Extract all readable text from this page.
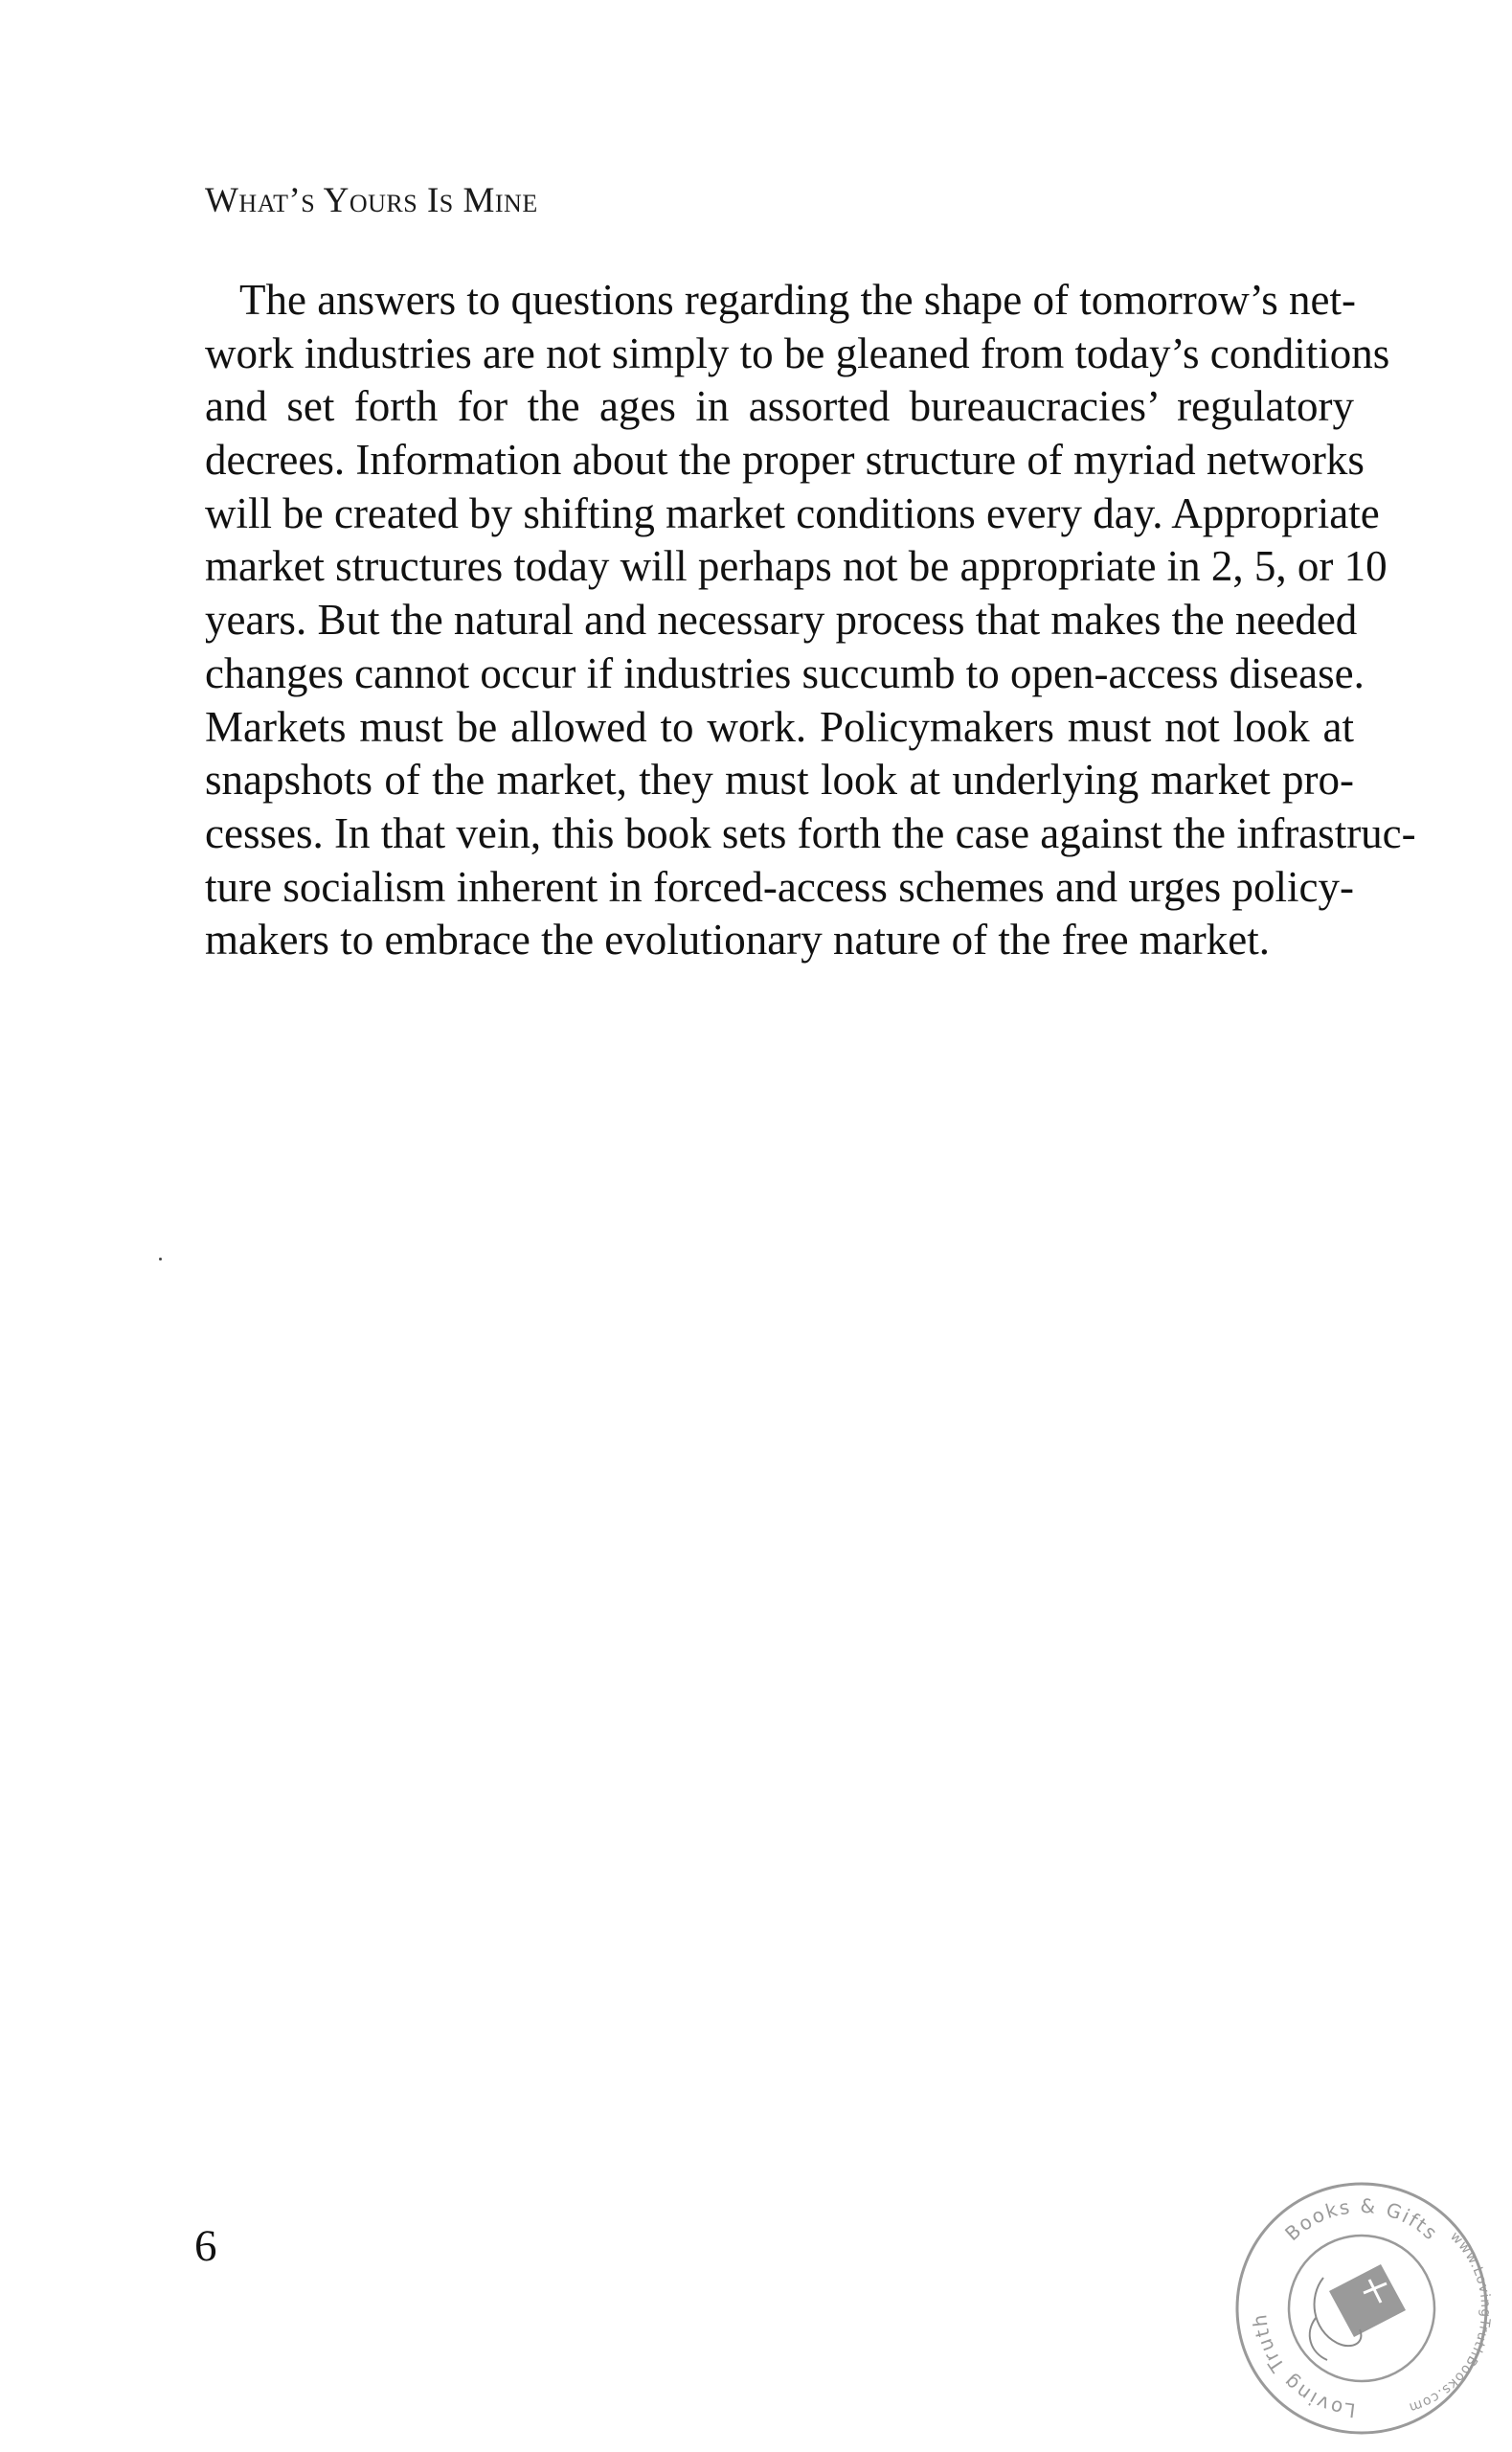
What’s Yours Is Mine
The answers to questions regarding the shape of tomorrow’s net-
work industries are not simply to be gleaned from today’s conditions
and set forth for the ages in assorted bureaucracies’ regulatory
decrees. Information about the proper structure of myriad networks
will be created by shifting market conditions every day. Appropriate
market structures today will perhaps not be appropriate in 2, 5, or 10
years. But the natural and necessary process that makes the needed
changes cannot occur if industries succumb to open-access disease.
Markets must be allowed to work. Policymakers must not look at
snapshots of the market, they must look at underlying market pro-
cesses. In that vein, this book sets forth the case against the infrastruc-
ture socialism inherent in forced-access schemes and urges policy-
makers to embrace the evolutionary nature of the free market.
6	Books & Gifts
Loving Truth
www.LovingTruthBooks.com
